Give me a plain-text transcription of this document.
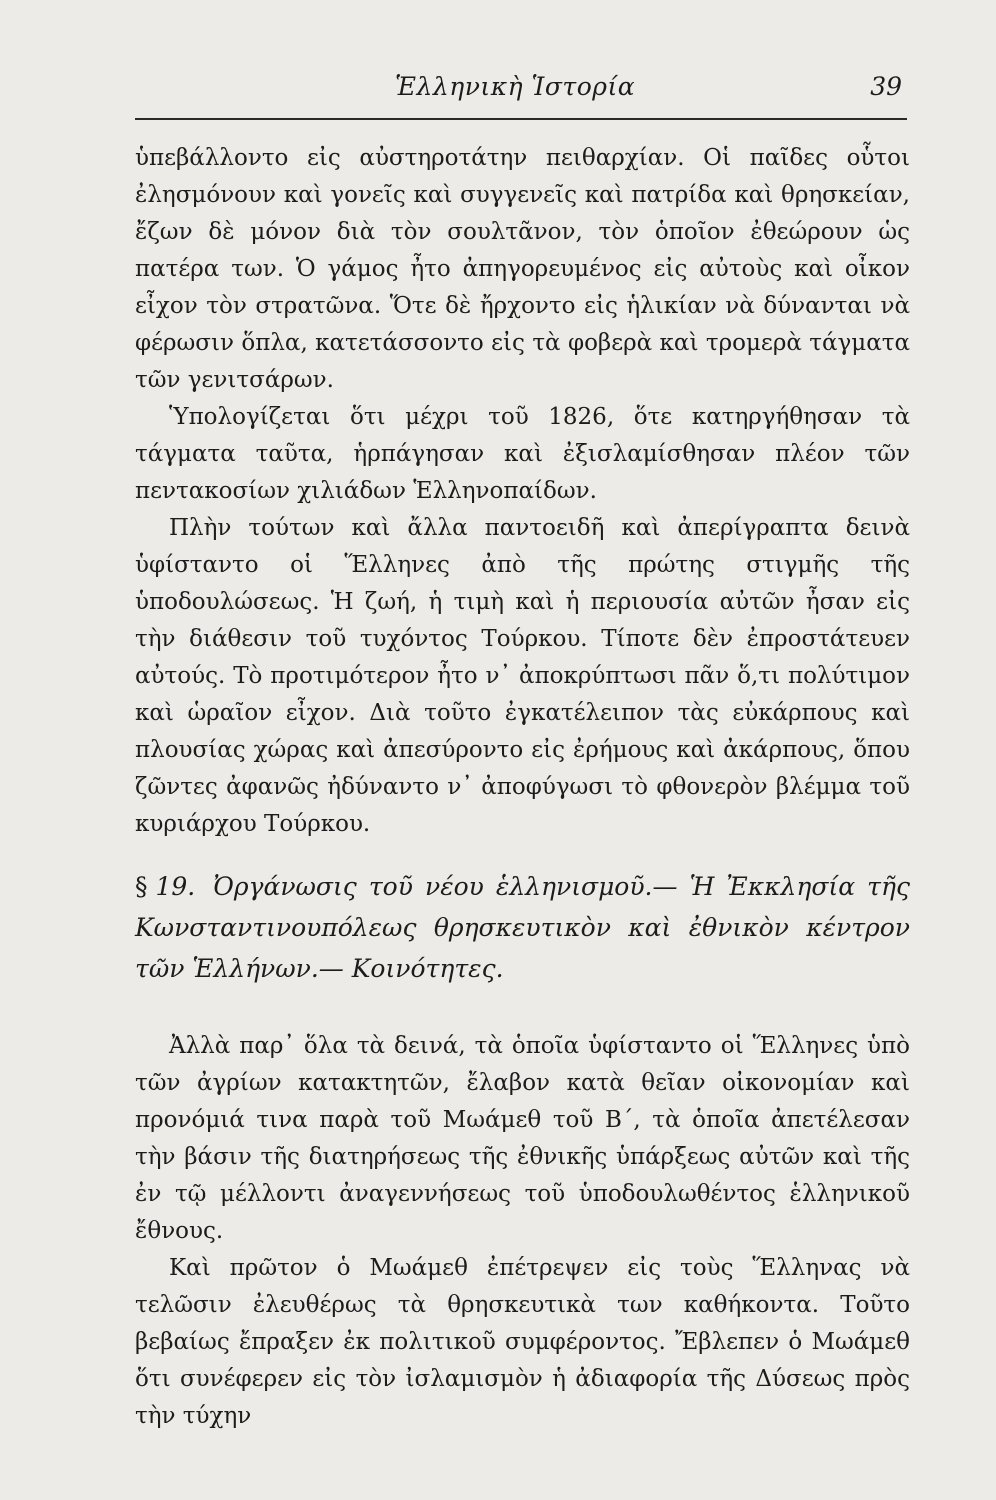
Ἑλληνικὴ Ἱστορία	39

ὑπεβάλλοντο εἰς αὐστηροτάτην πειθαρχίαν. Οἱ παῖδες οὗτοι ἐλησμόνουν καὶ γονεῖς καὶ συγγενεῖς καὶ πατρίδα καὶ θρησκείαν, ἔζων δὲ μόνον διὰ τὸν σουλτᾶνον, τὸν ὁποῖον ἐθεώρουν ὡς πατέρα των. Ὁ γάμος ἦτο ἀπηγορευμένος εἰς αὐτοὺς καὶ οἶκον εἶχον τὸν στρατῶνα. Ὅτε δὲ ἤρχοντο εἰς ἡλικίαν νὰ δύνανται νὰ φέρωσιν ὅπλα, κατετάσσοντο εἰς τὰ φοβερὰ καὶ τρομερὰ τάγματα τῶν γενιτσάρων.

Ὑπολογίζεται ὅτι μέχρι τοῦ 1826, ὅτε κατηργήθησαν τὰ τάγματα ταῦτα, ἡρπάγησαν καὶ ἐξισλαμίσθησαν πλέον τῶν πεντακοσίων χιλιάδων Ἑλληνοπαίδων.

Πλὴν τούτων καὶ ἄλλα παντοειδῆ καὶ ἀπερίγραπτα δεινὰ ὑφίσταντο οἱ Ἕλληνες ἀπὸ τῆς πρώτης στιγμῆς τῆς ὑποδουλώσεως. Ἡ ζωή, ἡ τιμὴ καὶ ἡ περιουσία αὐτῶν ἦσαν εἰς τὴν διάθεσιν τοῦ τυχόντος Τούρκου. Τίποτε δὲν ἐπροστάτευεν αὐτούς. Τὸ προτιμότερον ἦτο ν᾽ ἀποκρύπτωσι πᾶν ὅ,τι πολύτιμον καὶ ὡραῖον εἶχον. Διὰ τοῦτο ἐγκατέλειπον τὰς εὐκάρπους καὶ πλουσίας χώρας καὶ ἀπεσύροντο εἰς ἐρήμους καὶ ἀκάρπους, ὅπου ζῶντες ἀφανῶς ἠδύναντο ν᾽ ἀποφύγωσι τὸ φθονερὸν βλέμμα τοῦ κυριάρχου Τούρκου.

§ 19. Ὀργάνωσις τοῦ νέου ἑλληνισμοῦ.— Ἡ Ἐκκλησία τῆς Κωνσταντινουπόλεως θρησκευτικὸν καὶ ἐθνικὸν κέντρον τῶν Ἑλλήνων.— Κοινότητες.

Ἀλλὰ παρ᾽ ὅλα τὰ δεινά, τὰ ὁποῖα ὑφίσταντο οἱ Ἕλληνες ὑπὸ τῶν ἀγρίων κατακτητῶν, ἔλαβον κατὰ θεῖαν οἰκονομίαν καὶ προνόμιά τινα παρὰ τοῦ Μωάμεθ τοῦ Β΄, τὰ ὁποῖα ἀπετέλεσαν τὴν βάσιν τῆς διατηρήσεως τῆς ἐθνικῆς ὑπάρξεως αὐτῶν καὶ τῆς ἐν τῷ μέλλοντι ἀναγεννήσεως τοῦ ὑποδουλωθέντος ἑλληνικοῦ ἔθνους.

Καὶ πρῶτον ὁ Μωάμεθ ἐπέτρεψεν εἰς τοὺς Ἕλληνας νὰ τελῶσιν ἐλευθέρως τὰ θρησκευτικὰ των καθήκοντα. Τοῦτο βεβαίως ἔπραξεν ἐκ πολιτικοῦ συμφέροντος. Ἔβλεπεν ὁ Μωάμεθ ὅτι συνέφερεν εἰς τὸν ἰσλαμισμὸν ἡ ἀδιαφορία τῆς Δύσεως πρὸς τὴν τύχην
